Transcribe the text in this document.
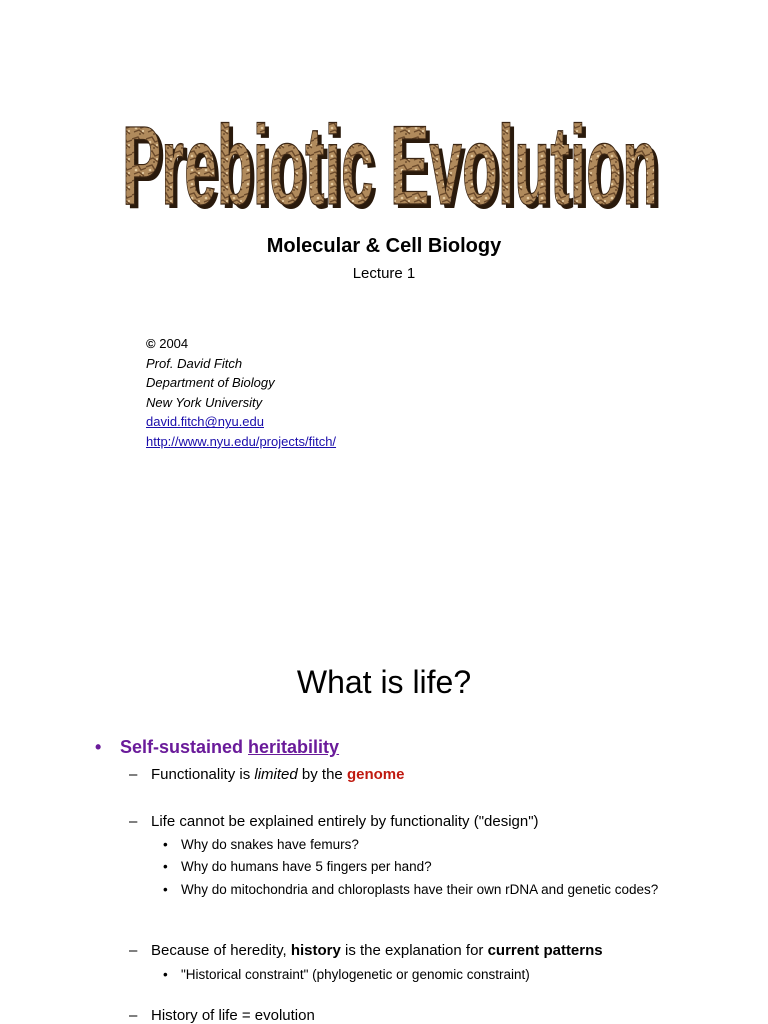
Prebiotic Evolution
Prebiotic Evolution
Molecular & Cell Biology
Lecture 1
© 2004
Prof. David Fitch
Department of Biology
New York University
david.fitch@nyu.edu
http://www.nyu.edu/projects/fitch/
What is life?
• Self-sustained heritability
– Functionality is limited by the genome
– Life cannot be explained entirely by functionality ("design")
• Why do snakes have femurs?
• Why do humans have 5 fingers per hand?
• Why do mitochondria and chloroplasts have their own rDNA and genetic codes?
– Because of heredity, history is the explanation for current patterns
• "Historical constraint" (phylogenetic or genomic constraint)
– History of life = evolution
